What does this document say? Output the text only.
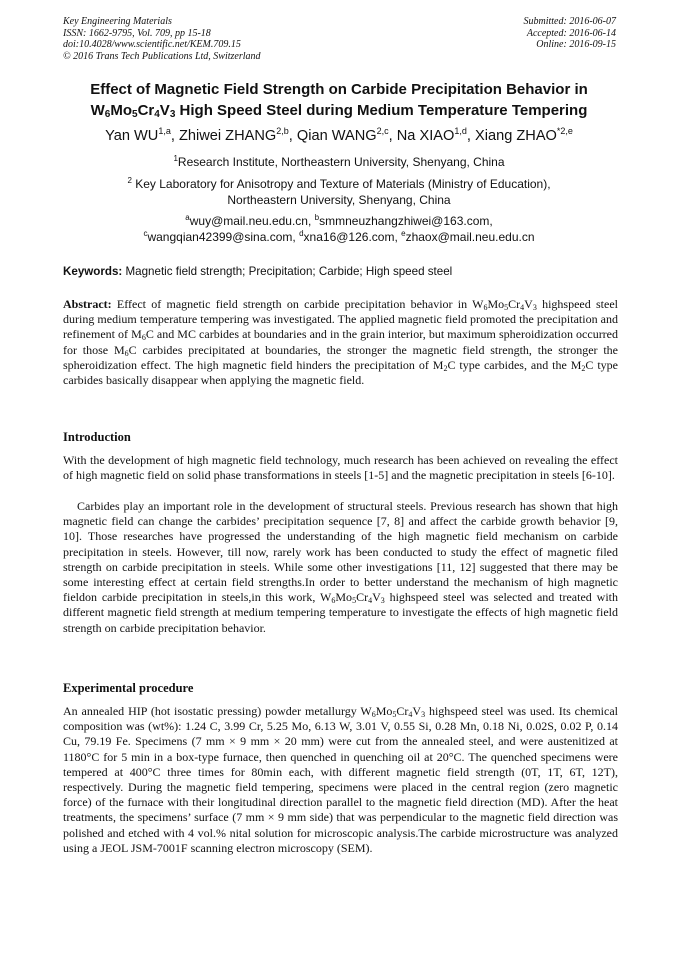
Key Engineering Materials
ISSN: 1662-9795, Vol. 709, pp 15-18
doi:10.4028/www.scientific.net/KEM.709.15
© 2016 Trans Tech Publications Ltd, Switzerland
Submitted: 2016-06-07
Accepted: 2016-06-14
Online: 2016-09-15
Effect of Magnetic Field Strength on Carbide Precipitation Behavior in
$W_6Mo_5Cr_4V_3$ High Speed Steel during Medium Temperature Tempering
Yan WU$^{1,a}$, Zhiwei ZHANG$^{2,b}$, Qian WANG$^{2,c}$, Na XIAO$^{1,d}$, Xiang ZHAO$^{*2,e}$
$^1$Research Institute, Northeastern University, Shenyang, China
$^2$ Key Laboratory for Anisotropy and Texture of Materials (Ministry of Education),
Northeastern University, Shenyang, China
$^a$wuy@mail.neu.edu.cn, $^b$smmneuzhangzhiwei@163.com,
$^c$wangqian42399@sina.com, $^d$xna16@126.com, $^e$zhaox@mail.neu.edu.cn
Keywords: Magnetic field strength; Precipitation; Carbide; High speed steel
Abstract: Effect of magnetic field strength on carbide precipitation behavior in $W_6Mo_5Cr_4V_3$ highspeed steel during medium temperature tempering was investigated. The applied magnetic field promoted the precipitation and refinement of $M_6C$ and MC carbides at boundaries and in the grain interior, but maximum spheroidization occurred for those $M_6C$ carbides precipitated at boundaries, the stronger the magnetic field strength, the stronger the spheroidization effect. The high magnetic field hinders the precipitation of $M_2C$ type carbides, and the $M_2C$ type carbides basically disappear when applying the magnetic field.
Introduction
With the development of high magnetic field technology, much research has been achieved on revealing the effect of high magnetic field on solid phase transformations in steels [1-5] and the magnetic precipitation in steels [6-10].
Carbides play an important role in the development of structural steels. Previous research has shown that high magnetic field can change the carbides’ precipitation sequence [7, 8] and affect the carbide growth behavior [9, 10]. Those researches have progressed the understanding of the high magnetic field mechanism on carbide precipitation in steels. However, till now, rarely work has been conducted to study the effect of magnetic filed strength on carbide precipitation in steels. While some other investigations [11, 12] suggested that there may be some interesting effect at certain field strengths.In order to better understand the mechanism of high magnetic fieldon carbide precipitation in steels,in this work, $W_6Mo_5Cr_4V_3$ highspeed steel was selected and treated with different magnetic field strength at medium tempering temperature to investigate the effects of high magnetic field strength on carbide precipitation behavior.
Experimental procedure
An annealed HIP (hot isostatic pressing) powder metallurgy $W_6Mo_5Cr_4V_3$ highspeed steel was used. Its chemical composition was (wt%): 1.24 C, 3.99 Cr, 5.25 Mo, 6.13 W, 3.01 V, 0.55 Si, 0.28 Mn, 0.18 Ni, 0.02S, 0.02 P, 0.14 Cu, 79.19 Fe. Specimens (7 mm × 9 mm × 20 mm) were cut from the annealed steel, and were austenitized at 1180°C for 5 min in a box-type furnace, then quenched in quenching oil at 20°C. The quenched specimens were tempered at 400°C three times for 80min each, with different magnetic field strength (0T, 1T, 6T, 12T), respectively. During the magnetic field tempering, specimens were placed in the central region (zero magnetic force) of the furnace with their longitudinal direction parallel to the magnetic field direction (MD). After the heat treatments, the specimens’ surface (7 mm × 9 mm side) that was perpendicular to the magnetic field direction was polished and etched with 4 vol.% nital solution for microscopic analysis.The carbide microstructure was analyzed using a JEOL JSM-7001F scanning electron microscopy (SEM).
